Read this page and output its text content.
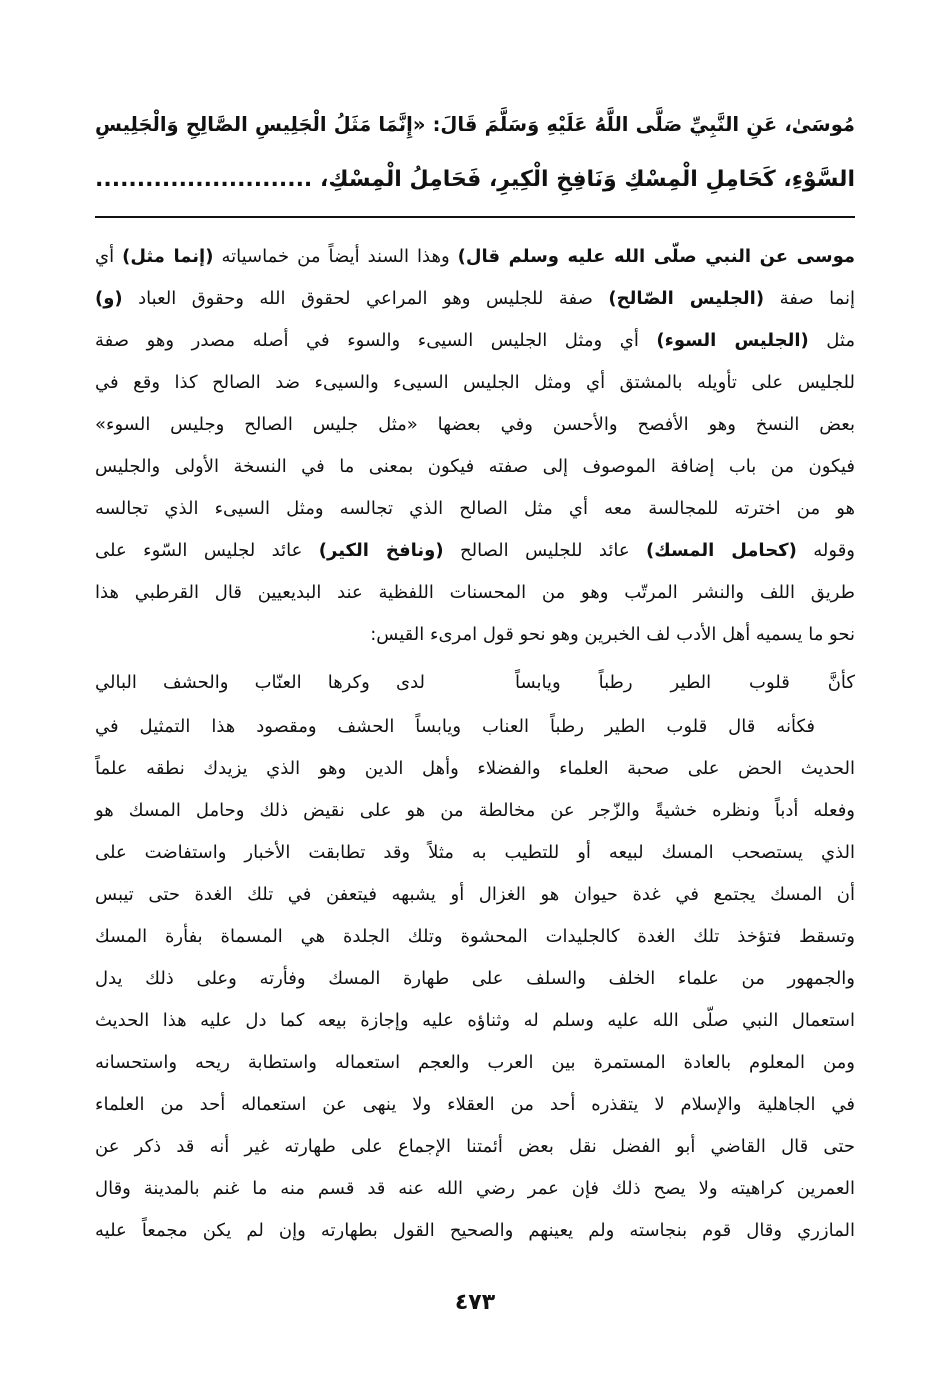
مُوسَىٰ، عَنِ النَّبِيِّ صَلَّى اللَّهُ عَلَيْهِ وَسَلَّمَ قَالَ: «إِنَّمَا مَثَلُ الْجَلِيسِ الصَّالِحِ وَالْجَلِيسِ
السَّوْءِ، كَحَامِلِ الْمِسْكِ وَنَافِخِ الْكِيرِ، فَحَامِلُ الْمِسْكِ، ..........................
موسى عن النبي صلّى الله عليه وسلم قال) وهذا السند أيضاً من خماسياته (إنما مثل) أي
إنما صفة (الجليس الصّالح) صفة للجليس وهو المراعي لحقوق الله وحقوق العباد (و)
مثل (الجليس السوء) أي ومثل الجليس السيىء والسوء في أصله مصدر وهو صفة
للجليس على تأويله بالمشتق أي ومثل الجليس السيىء والسيىء ضد الصالح كذا وقع في
بعض النسخ وهو الأفصح والأحسن وفي بعضها «مثل جليس الصالح وجليس السوء»
فيكون من باب إضافة الموصوف إلى صفته فيكون بمعنى ما في النسخة الأولى والجليس
هو من اخترته للمجالسة معه أي مثل الصالح الذي تجالسه ومثل السيىء الذي تجالسه
وقوله (كحامل المسك) عائد للجليس الصالح (ونافخ الكير) عائد لجليس السّوء على
طريق اللف والنشر المرتّب وهو من المحسنات اللفظية عند البديعيين قال القرطبي هذا
نحو ما يسميه أهل الأدب لف الخبرين وهو نحو قول امرىء القيس:
كأنَّ قلوب الطير رطباً ويابساً
لدى وكرها العنّاب والحشف البالي
فكأنه قال قلوب الطير رطباً العناب ويابساً الحشف ومقصود هذا التمثيل في
الحديث الحض على صحبة العلماء والفضلاء وأهل الدين وهو الذي يزيدك نطقه علماً
وفعله أدباً ونظره خشيةً والزّجر عن مخالطة من هو على نقيض ذلك وحامل المسك هو
الذي يستصحب المسك لبيعه أو للتطيب به مثلاً وقد تطابقت الأخبار واستفاضت على
أن المسك يجتمع في غدة حيوان هو الغزال أو يشبهه فيتعفن في تلك الغدة حتى تيبس
وتسقط فتؤخذ تلك الغدة كالجليدات المحشوة وتلك الجلدة هي المسماة بفأرة المسك
والجمهور من علماء الخلف والسلف على طهارة المسك وفأرته وعلى ذلك يدل
استعمال النبي صلّى الله عليه وسلم له وثناؤه عليه وإجازة بيعه كما دل عليه هذا الحديث
ومن المعلوم بالعادة المستمرة بين العرب والعجم استعماله واستطابة ريحه واستحسانه
في الجاهلية والإسلام لا يتقذره أحد من العقلاء ولا ينهى عن استعماله أحد من العلماء
حتى قال القاضي أبو الفضل نقل بعض أئمتنا الإجماع على طهارته غير أنه قد ذكر عن
العمرين كراهيته ولا يصح ذلك فإن عمر رضي الله عنه قد قسم منه ما غنم بالمدينة وقال
المازري وقال قوم بنجاسته ولم يعينهم والصحيح القول بطهارته وإن لم يكن مجمعاً عليه
٤٧٣
